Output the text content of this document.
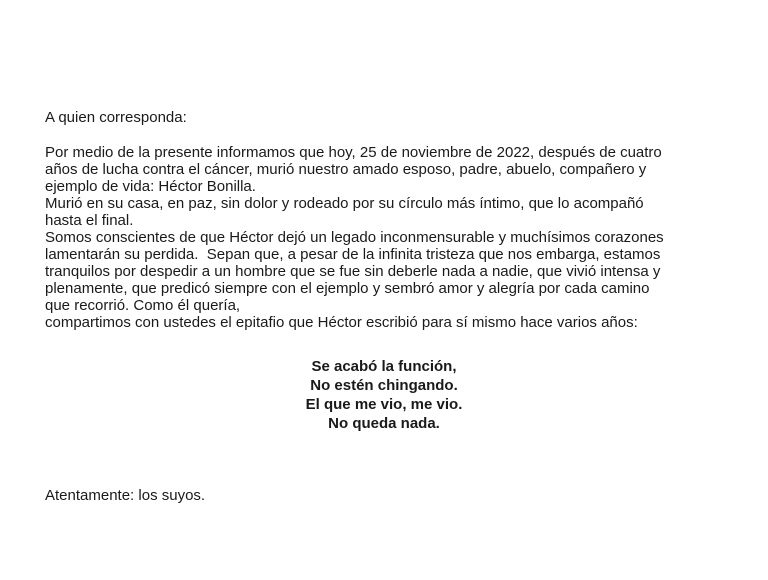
A quien corresponda:

Por medio de la presente informamos que hoy, 25 de noviembre de 2022, después de cuatro
años de lucha contra el cáncer, murió nuestro amado esposo, padre, abuelo, compañero y
ejemplo de vida: Héctor Bonilla.

Murió en su casa, en paz, sin dolor y rodeado por su círculo más íntimo, que lo acompañó
hasta el final.

Somos conscientes de que Héctor dejó un legado inconmensurable y muchísimos corazones
lamentarán su perdida.  Sepan que, a pesar de la infinita tristeza que nos embarga, estamos
tranquilos por despedir a un hombre que se fue sin deberle nada a nadie, que vivió intensa y
plenamente, que predicó siempre con el ejemplo y sembró amor y alegría por cada camino
que recorrió. Como él quería,

compartimos con ustedes el epitafio que Héctor escribió para sí mismo hace varios años:

Se acabó la función,
No estén chingando.
El que me vio, me vio.
No queda nada.

Atentamente: los suyos.
